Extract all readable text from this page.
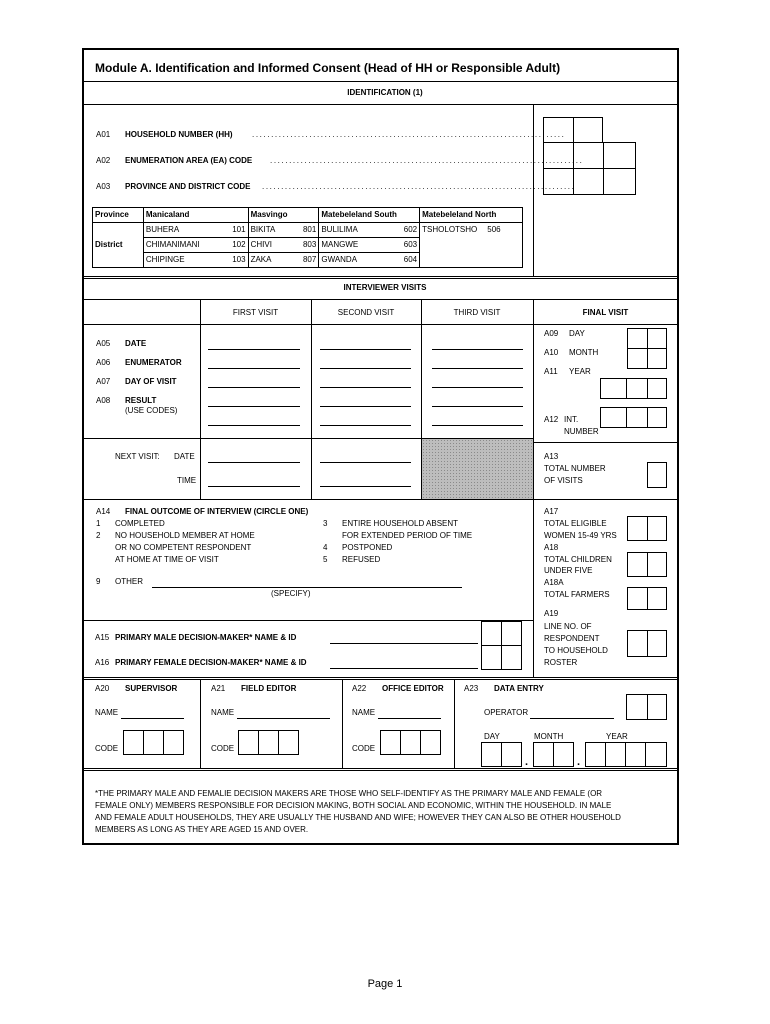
Module A. Identification and Informed Consent (Head of HH or Responsible Adult)
IDENTIFICATION (1)
A01 HOUSEHOLD NUMBER (HH) ..................................................................................
A02 ENUMERATION AREA (EA) CODE ..................................................................................
A03 PROVINCE AND DISTRICT CODE ..................................................................................
Province	Manicaland		Masvingo		Matebeleland South		Matebeleland North
	BUHERA	101	BIKITA	801	BULILIMA	602	TSHOLOTSHO 506
District	CHIMANIMANI	102	CHIVI	803	MANGWE	603	
	CHIPINGE	103	ZAKA	807	GWANDA	604	
INTERVIEWER VISITS
FIRST VISIT	SECOND VISIT	THIRD VISIT	FINAL VISIT
A05 DATE
A06 ENUMERATOR
A07 DAY OF VISIT
A08 RESULT
(USE CODES)
NEXT VISIT: DATE
TIME
A09 DAY
A10 MONTH
A11 YEAR
A12 INT.
NUMBER
A13
TOTAL NUMBER
OF VISITS
A14 FINAL OUTCOME OF INTERVIEW (CIRCLE ONE)
1 COMPLETED
2 NO HOUSEHOLD MEMBER AT HOME
OR NO COMPETENT RESPONDENT
AT HOME AT TIME OF VISIT
3 ENTIRE HOUSEHOLD ABSENT
FOR EXTENDED PERIOD OF TIME
4 POSTPONED
5 REFUSED
9 OTHER
(SPECIFY)
A17
TOTAL ELIGIBLE
WOMEN 15-49 YRS
A18
TOTAL CHILDREN
UNDER FIVE
A18A
TOTAL FARMERS
A19
LINE NO. OF
RESPONDENT
TO HOUSEHOLD
ROSTER
A15 PRIMARY MALE DECISION-MAKER* NAME & ID
A16 PRIMARY FEMALE DECISION-MAKER* NAME & ID
A20 SUPERVISOR	A21 FIELD EDITOR	A22 OFFICE EDITOR	A23 DATA ENTRY
NAME	NAME	NAME	OPERATOR
CODE	CODE	CODE
DAY	MONTH	YEAR
.	.
*THE PRIMARY MALE AND FEMALIE DECISION MAKERS ARE THOSE WHO SELF-IDENTIFY AS THE PRIMARY MALE AND FEMALE (OR
FEMALE ONLY) MEMBERS RESPONSIBLE FOR DECISION MAKING, BOTH SOCIAL AND ECONOMIC, WITHIN THE HOUSEHOLD. IN MALE
AND FEMALE ADULT HOUSEHOLDS, THEY ARE USUALLY THE HUSBAND AND WIFE; HOWEVER THEY CAN ALSO BE OTHER HOUSEHOLD
MEMBERS AS LONG AS THEY ARE AGED 15 AND OVER.
Page 1
